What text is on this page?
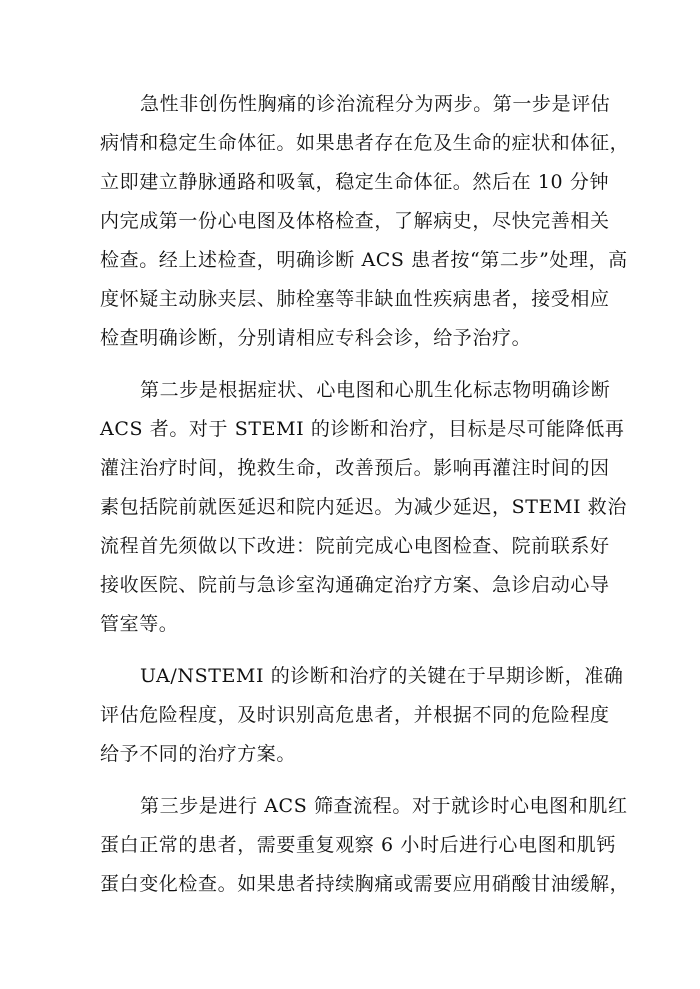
急性非创伤性胸痛的诊治流程分为两步。第一步是评估
病情和稳定生命体征。如果患者存在危及生命的症状和体征，
立即建立静脉通路和吸氧，稳定生命体征。然后在 10 分钟
内完成第一份心电图及体格检查，了解病史，尽快完善相关
检查。经上述检查，明确诊断 ACS 患者按“第二步”处理，高
度怀疑主动脉夹层、肺栓塞等非缺血性疾病患者，接受相应
检查明确诊断，分别请相应专科会诊，给予治疗。
第二步是根据症状、心电图和心肌生化标志物明确诊断
ACS 者。对于 STEMI 的诊断和治疗，目标是尽可能降低再
灌注治疗时间，挽救生命，改善预后。影响再灌注时间的因
素包括院前就医延迟和院内延迟。为减少延迟，STEMI 救治
流程首先须做以下改进：院前完成心电图检查、院前联系好
接收医院、院前与急诊室沟通确定治疗方案、急诊启动心导
管室等。
UA/NSTEMI 的诊断和治疗的关键在于早期诊断，准确
评估危险程度，及时识别高危患者，并根据不同的危险程度
给予不同的治疗方案。
第三步是进行 ACS 筛查流程。对于就诊时心电图和肌红
蛋白正常的患者，需要重复观察 6 小时后进行心电图和肌钙
蛋白变化检查。如果患者持续胸痛或需要应用硝酸甘油缓解，
